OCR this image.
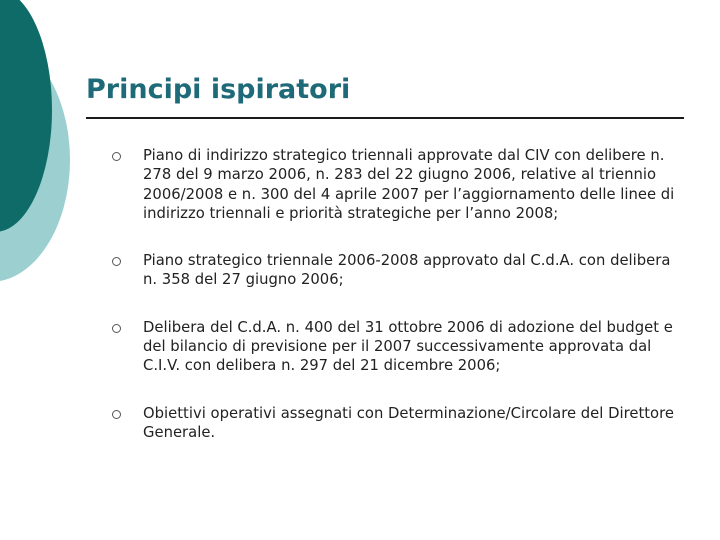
Principi ispiratori
Piano di indirizzo strategico triennali approvate dal CIV con delibere n. 278 del 9 marzo 2006, n. 283 del 22 giugno 2006, relative al triennio 2006/2008 e n. 300 del 4 aprile 2007 per l’aggiornamento delle linee di indirizzo triennali e priorità strategiche per l’anno 2008;
Piano strategico triennale 2006-2008 approvato dal C.d.A. con delibera n. 358 del 27 giugno 2006;
Delibera del C.d.A. n. 400 del 31 ottobre 2006 di adozione del budget e del bilancio di previsione per il 2007 successivamente approvata dal C.I.V. con delibera n. 297 del 21 dicembre 2006;
Obiettivi operativi assegnati con Determinazione/Circolare del Direttore Generale.
